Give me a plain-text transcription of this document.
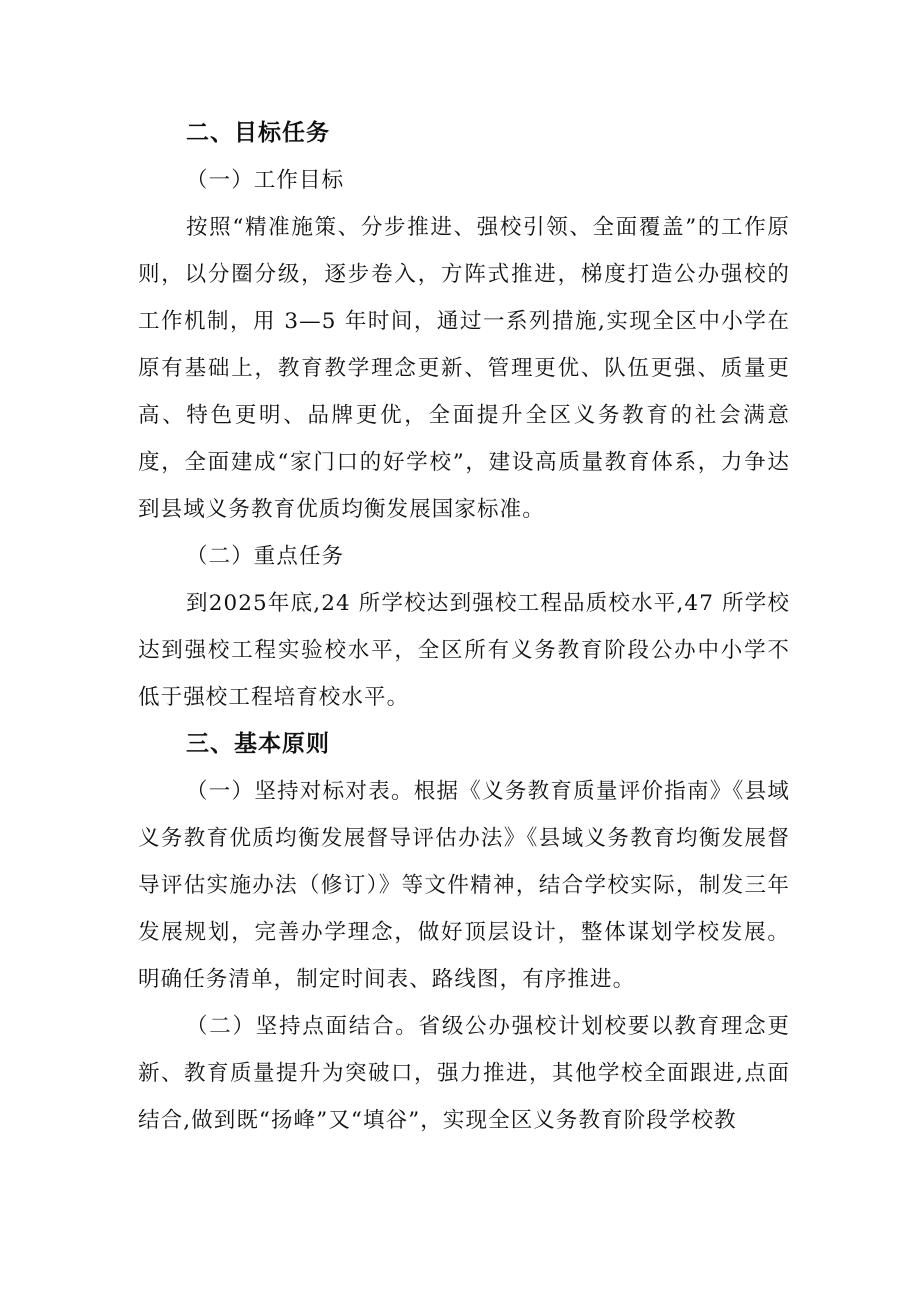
二、目标任务
（一）工作目标

按照“精准施策、分步推进、强校引领、全面覆盖”的工作原则，以分圈分级，逐步卷入，方阵式推进，梯度打造公办强校的工作机制，用 3—5 年时间，通过一系列措施,实现全区中小学在原有基础上，教育教学理念更新、管理更优、队伍更强、质量更高、特色更明、品牌更优，全面提升全区义务教育的社会满意度，全面建成“家门口的好学校”，建设高质量教育体系，力争达到县域义务教育优质均衡发展国家标准。

（二）重点任务

到2025年底,24 所学校达到强校工程品质校水平,47 所学校达到强校工程实验校水平，全区所有义务教育阶段公办中小学不低于强校工程培育校水平。

三、基本原则

（一）坚持对标对表。根据《义务教育质量评价指南》《县域义务教育优质均衡发展督导评估办法》《县域义务教育均衡发展督导评估实施办法（修订）》等文件精神，结合学校实际，制发三年发展规划，完善办学理念，做好顶层设计，整体谋划学校发展。明确任务清单，制定时间表、路线图，有序推进。

（二）坚持点面结合。省级公办强校计划校要以教育理念更新、教育质量提升为突破口，强力推进，其他学校全面跟进,点面结合,做到既“扬峰”又“填谷”，实现全区义务教育阶段学校教
